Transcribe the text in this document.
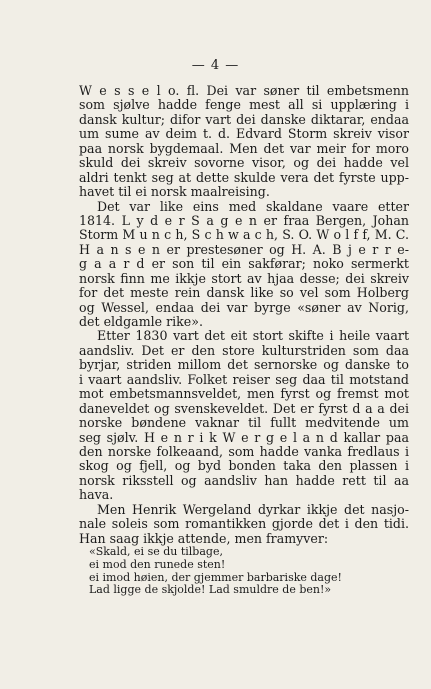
— 4 —
W e s s e l o. fl. Dei var søner til embetsmenn
som sjølve hadde fenge mest all si upplæring i
dansk kultur; difor vart dei danske diktarar, endaa
um sume av deim t. d. Edvard Storm skreiv visor
paa norsk bygdemaal. Men det var meir for moro
skuld dei skreiv sovorne visor, og dei hadde vel
aldri tenkt seg at dette skulde vera det fyrste upp-
havet til ei norsk maalreising.
Det var like eins med skaldane vaare etter
1814. L y d e r S a g e n er fraa Bergen, Johan
Storm M u n c h, S c h w a c h, S. O. W o l f f, M. C.
H a n s e n er prestesøner og H. A. B j e r r e-
g a a r d er son til ein sakførar; noko sermerkt
norsk finn me ikkje stort av hjaa desse; dei skreiv
for det meste rein dansk like so vel som Holberg
og Wessel, endaa dei var byrge «søner av Norig,
det eldgamle rike».
Etter 1830 vart det eit stort skifte i heile vaart
aandsliv. Det er den store kulturstriden som daa
byrjar, striden millom det sernorske og danske to
i vaart aandsliv. Folket reiser seg daa til motstand
mot embetsmannsveldet, men fyrst og fremst mot
daneveldet og svenskeveldet. Det er fyrst d a a dei
norske bøndene vaknar til fullt medvitende um
seg sjølv. H e n r i k W e r g e l a n d kallar paa
den norske folkeaand, som hadde vanka fredlaus i
skog og fjell, og byd bonden taka den plassen i
norsk riksstell og aandsliv han hadde rett til aa
hava.
Men Henrik Wergeland dyrkar ikkje det nasjo-
nale soleis som romantikken gjorde det i den tidi.
Han saag ikkje attende, men framyver:
«Skald, ei se du tilbage,
ei mod den runede sten!
ei imod høien, der gjemmer barbariske dage!
Lad ligge de skjolde! Lad smuldre de ben!»
